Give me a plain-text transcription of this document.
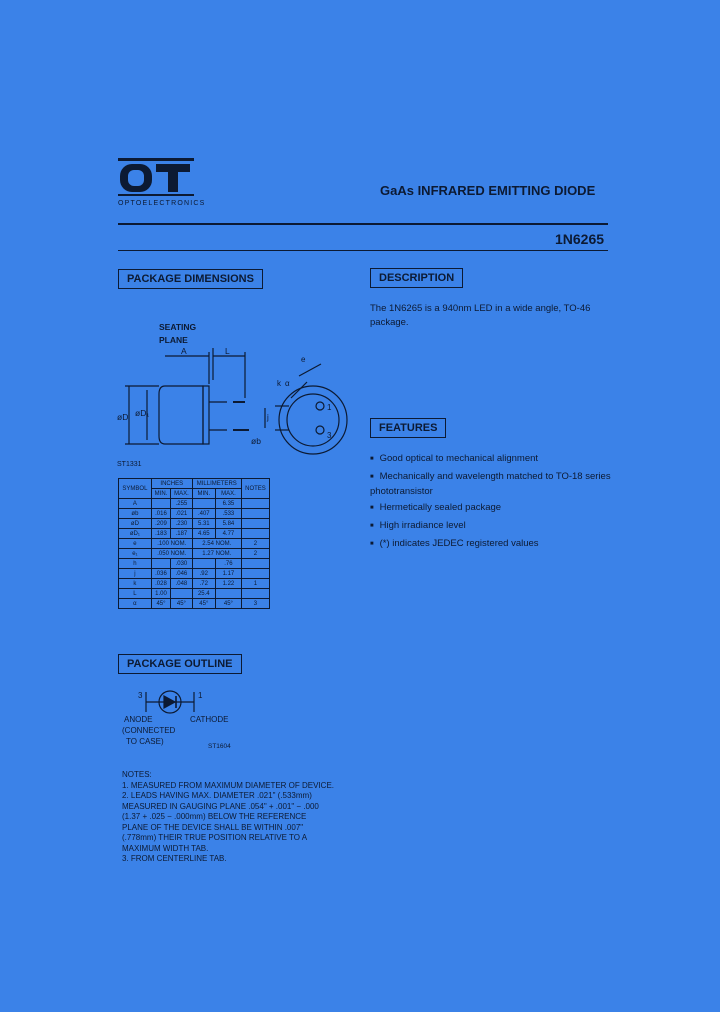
OPTOELECTRONICS
GaAs INFRARED EMITTING DIODE
1N6265
PACKAGE DIMENSIONS	DESCRIPTION
FEATURES
PACKAGE OUTLINE
The 1N6265 is a 940nm LED in a wide angle, TO-46 package.
■ Good optical to mechanical alignment
■ Mechanically and wavelength matched to TO-18 series phototransistor
■ Hermetically sealed package
■ High irradiance level
■ (*) indicates JEDEC registered values
SEATING
PLANE
A	L
øD øD₁
øb
α
e
j
k
1
3
ST1331
SYMBOL	INCHES		MILLIMETERS		NOTES
	MIN.	MAX.	MIN.	MAX.	
A		.255		6.35	
øb	.016	.021	.407	.533	
øD	.209	.230	5.31	5.84	
øD₁	.183	.187	4.65	4.77	
e	.100 NOM.		2.54 NOM.		2
e₁	.050 NOM.		1.27 NOM.		2
h		.030		.76	
j	.036	.046	.92	1.17	
k	.028	.048	.72	1.22	1
L	1.00		25.4		
α	45°	45°	45°	45°	3
3	1
ANODE
(CONNECTED
TO CASE)
CATHODE
ST1604
NOTES:
1. MEASURED FROM MAXIMUM DIAMETER OF DEVICE.
2. LEADS HAVING MAX. DIAMETER .021" (.533mm)
MEASURED IN GAUGING PLANE .054" + .001" − .000
(1.37 + .025 − .000mm) BELOW THE REFERENCE
PLANE OF THE DEVICE SHALL BE WITHIN .007"
(.778mm) THEIR TRUE POSITION RELATIVE TO A
MAXIMUM WIDTH TAB.
3. FROM CENTERLINE TAB.
